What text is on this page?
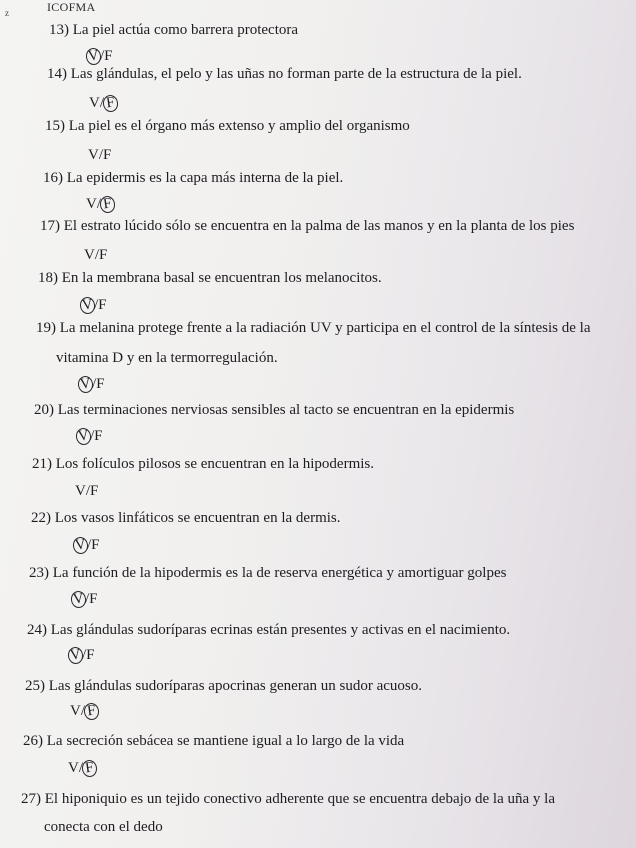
z	ICOFMA
13) La piel actúa como barrera protectora
V/F
14) Las glándulas, el pelo y las uñas no forman parte de la estructura de la piel.
V/F
15) La piel es el órgano más extenso y amplio del organismo
V/F
16) La epidermis es la capa más interna de la piel.
V/F
17) El estrato lúcido sólo se encuentra en la palma de las manos y en la planta de los pies
V/F
18) En la membrana basal se encuentran los melanocitos.
V/F
19) La melanina protege frente a la radiación UV y participa en el control de la síntesis de la
vitamina D y en la termorregulación.
V/F
20) Las terminaciones nerviosas sensibles al tacto se encuentran en la epidermis
V/F
21) Los folículos pilosos se encuentran en la hipodermis.
V/F
22) Los vasos linfáticos se encuentran en la dermis.
V/F
23) La función de la hipodermis es la de reserva energética y amortiguar golpes
V/F
24) Las glándulas sudoríparas ecrinas están presentes y activas en el nacimiento.
V/F
25) Las glándulas sudoríparas apocrinas generan un sudor acuoso.
V/F
26) La secreción sebácea se mantiene igual a lo largo de la vida
V/F
27) El hiponiquio es un tejido conectivo adherente que se encuentra debajo de la uña y la
conecta con el dedo
